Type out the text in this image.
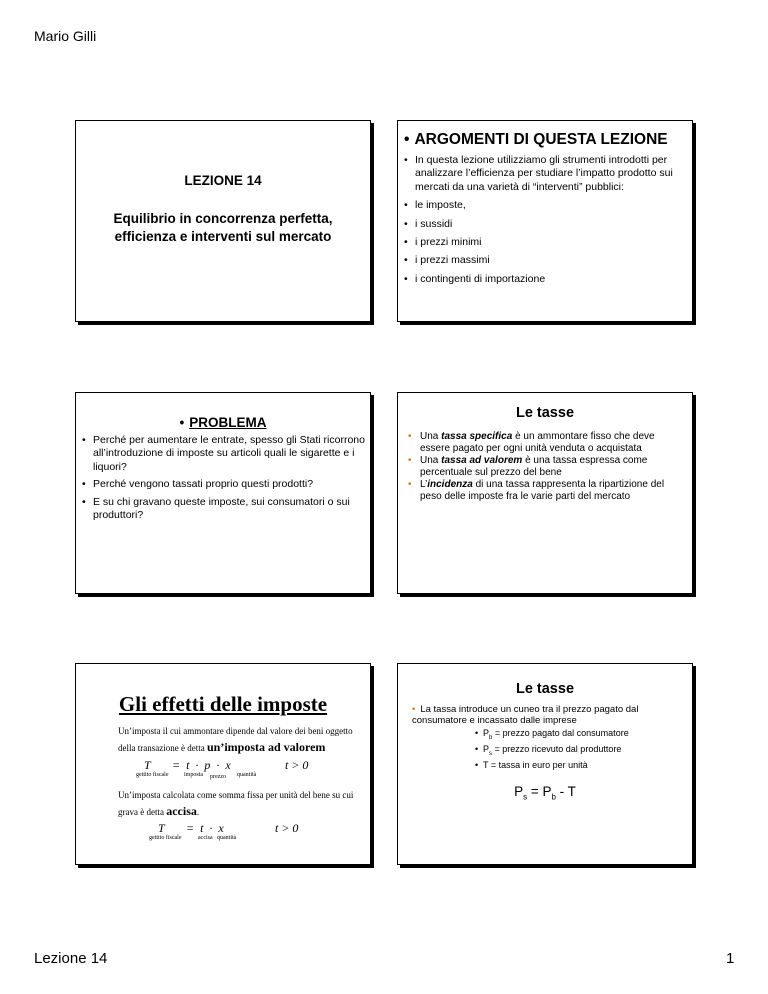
Mario Gilli
LEZIONE 14
Equilibrio in concorrenza perfetta,
efficienza e interventi sul mercato
• ARGOMENTI DI QUESTA LEZIONE
• In questa lezione utilizziamo gli strumenti introdotti per analizzare l’efficienza per studiare l’impatto prodotto sui mercati da una varietà di “interventi” pubblici:
• le imposte,
• i sussidi
• i prezzi minimi
• i prezzi massimi
• i contingenti di importazione
• PROBLEMA
• Perché per aumentare le entrate, spesso gli Stati ricorrono all’introduzione di imposte su articoli quali le sigarette e i liquori?
• Perché vengono tassati proprio questi prodotti?
• E su chi gravano queste imposte, sui consumatori o sui produttori?
Le tasse
• Una tassa specifica è un ammontare fisso che deve essere pagato per ogni unità venduta o acquistata
• Una tassa ad valorem è una tassa espressa come percentuale sul prezzo del bene
• L’incidenza di una tassa rappresenta la ripartizione del peso delle imposte fra le varie parti del mercato
Gli effetti delle imposte
Un’imposta il cui ammontare dipende dal valore dei beni oggetto della transazione è detta un’imposta ad valorem
T =  t  ·  p  ·  x	t > 0
gettito fiscale	imposta prezzo quantità
Un’imposta calcolata come somma fissa per unità del bene su cui grava è detta accisa.
T =  t  ·  x	t > 0
gettito fiscale	accisa quantità
Le tasse
• La tassa introduce un cuneo tra il prezzo pagato dal consumatore e incassato dalle imprese
• $P_b$ = prezzo pagato dal consumatore
• $P_s$ = prezzo ricevuto dal produttore
• T = tassa in euro per unità
$P_s = P_b - T$
Lezione 14	1
